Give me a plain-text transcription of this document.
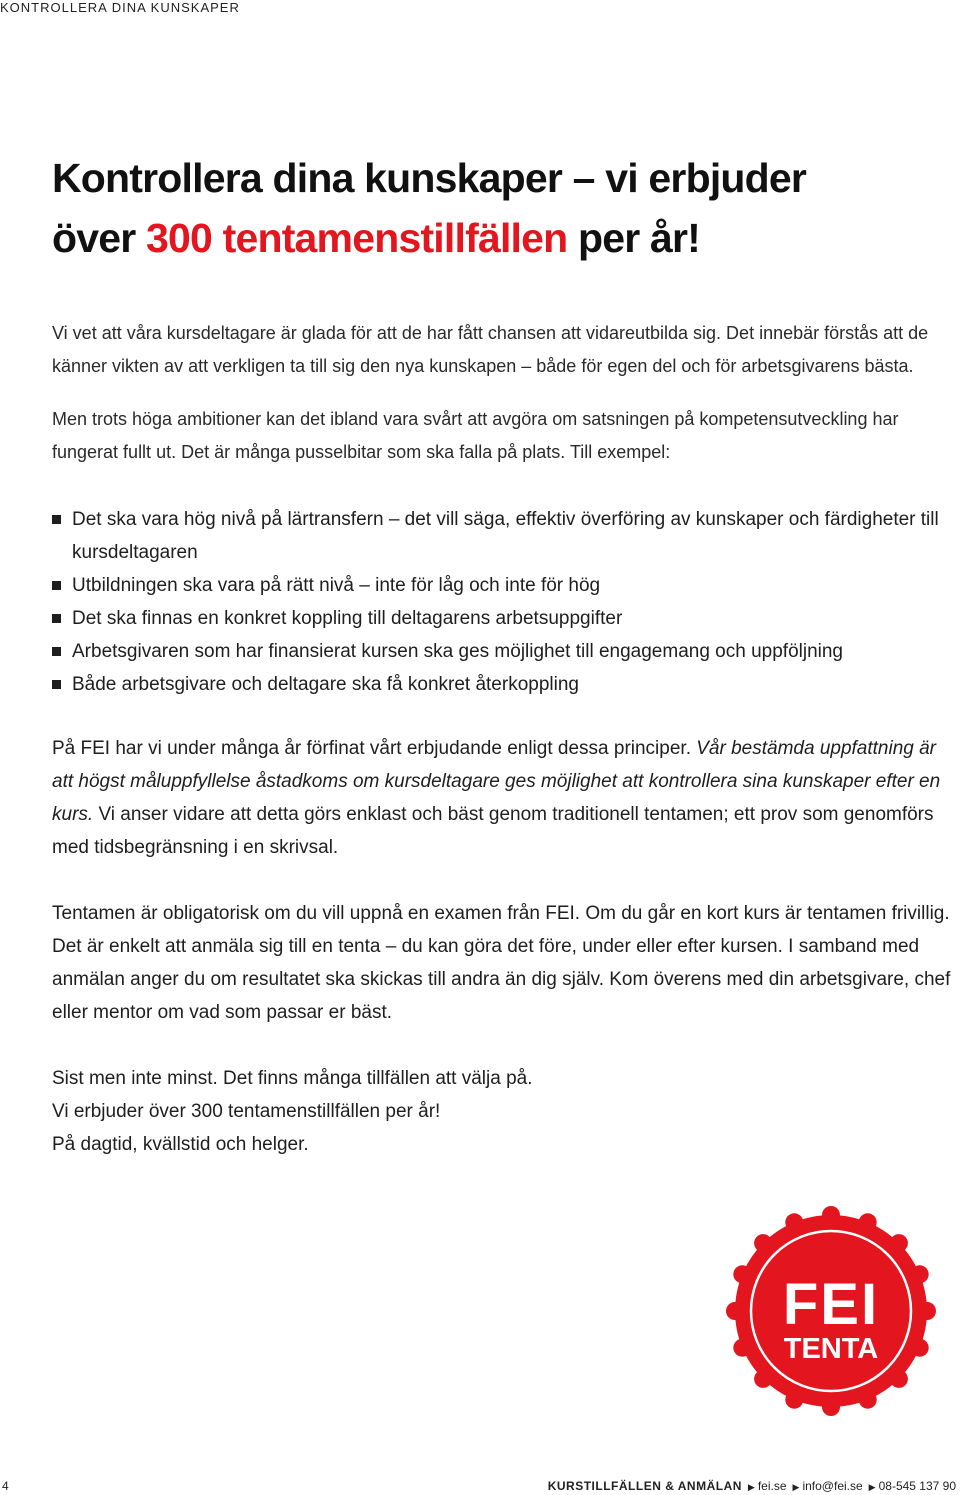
KONTROLLERA DINA KUNSKAPER
Kontrollera dina kunskaper – vi erbjuder
över 300 tentamenstillfällen per år!

Vi vet att våra kursdeltagare är glada för att de har fått chansen att vidareutbilda sig. Det innebär förstås att de känner vikten av att verkligen ta till sig den nya kunskapen – både för egen del och för arbetsgivarens bästa.

Men trots höga ambitioner kan det ibland vara svårt att avgöra om satsningen på kompetensutveckling har fungerat fullt ut. Det är många pusselbitar som ska falla på plats. Till exempel:

Det ska vara hög nivå på lärtransfern – det vill säga, effektiv överföring av kunskaper och färdigheter till kursdeltagaren
Utbildningen ska vara på rätt nivå – inte för låg och inte för hög
Det ska finnas en konkret koppling till deltagarens arbetsuppgifter
Arbetsgivaren som har finansierat kursen ska ges möjlighet till engagemang och uppföljning
Både arbetsgivare och deltagare ska få konkret återkoppling

På FEI har vi under många år förfinat vårt erbjudande enligt dessa principer. Vår bestämda uppfattning är att högst måluppfyllelse åstadkoms om kursdeltagare ges möjlighet att kontrollera sina kunskaper efter en kurs. Vi anser vidare att detta görs enklast och bäst genom traditionell tentamen; ett prov som genomförs med tidsbegränsning i en skrivsal.

Tentamen är obligatorisk om du vill uppnå en examen från FEI. Om du går en kort kurs är tentamen frivillig. Det är enkelt att anmäla sig till en tenta – du kan göra det före, under eller efter kursen. I samband med anmälan anger du om resultatet ska skickas till andra än dig själv. Kom överens med din arbetsgivare, chef eller mentor om vad som passar er bäst.

Sist men inte minst. Det finns många tillfällen att välja på.
Vi erbjuder över 300 tentamenstillfällen per år!
På dagtid, kvällstid och helger.

FEI
TENTA
4	KURSTILLFÄLLEN & ANMÄLAN ▶ fei.se ▶ info@fei.se ▶ 08-545 137 90
